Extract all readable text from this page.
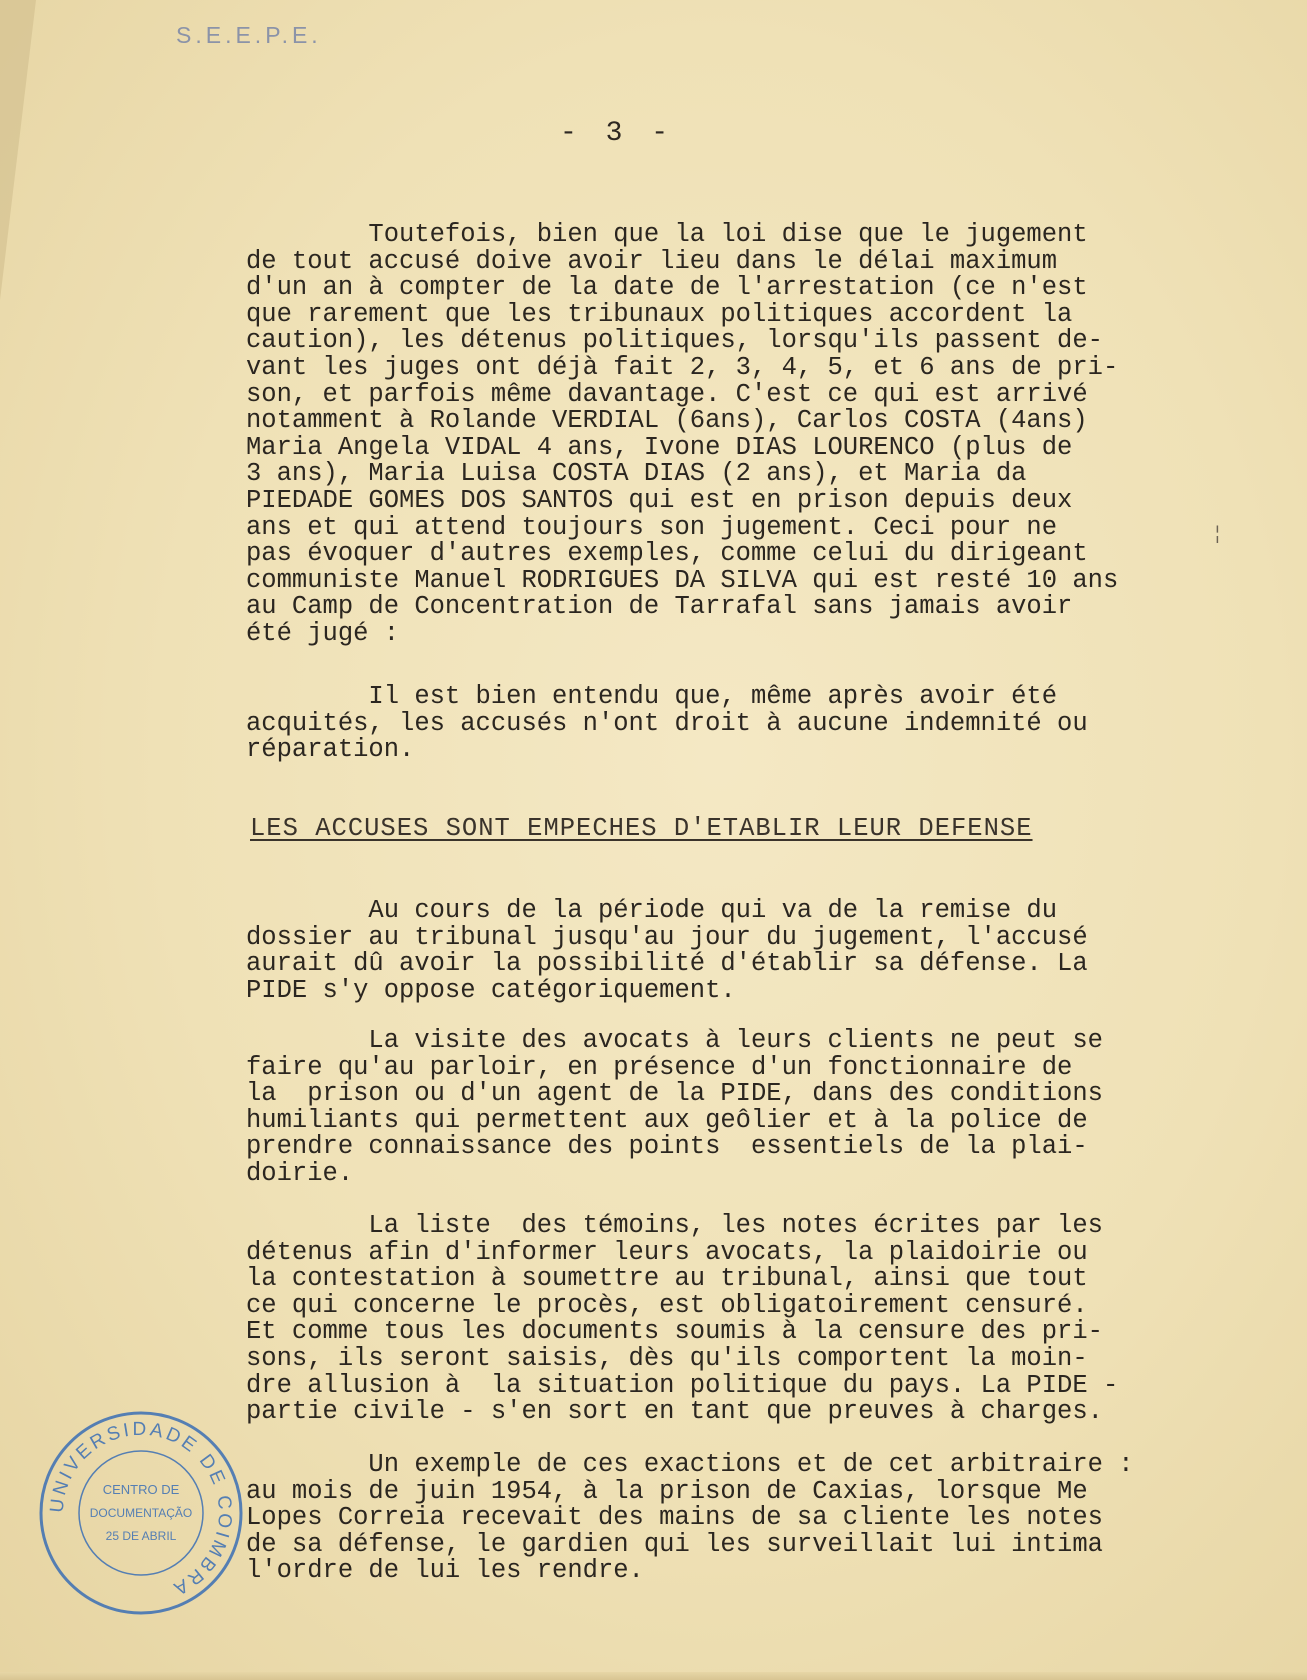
S.E.E.P.E.
- 3 -

Toutefois, bien que la loi dise que le jugement
de tout accusé doive avoir lieu dans le délai maximum
d'un an à compter de la date de l'arrestation (ce n'est
que rarement que les tribunaux politiques accordent la
caution), les détenus politiques, lorsqu'ils passent de-
vant les juges ont déjà fait 2, 3, 4, 5, et 6 ans de pri-
son, et parfois même davantage. C'est ce qui est arrivé
notamment à Rolande VERDIAL (6ans), Carlos COSTA (4ans)
Maria Angela VIDAL 4 ans, Ivone DIAS LOURENCO (plus de
3 ans), Maria Luisa COSTA DIAS (2 ans), et Maria da
PIEDADE GOMES DOS SANTOS qui est en prison depuis deux
ans et qui attend toujours son jugement. Ceci pour ne
pas évoquer d'autres exemples, comme celui du dirigeant
communiste Manuel RODRIGUES DA SILVA qui est resté 10 ans
au Camp de Concentration de Tarrafal sans jamais avoir
été jugé :

Il est bien entendu que, même après avoir été
acquités, les accusés n'ont droit à aucune indemnité ou
réparation.

LES ACCUSES SONT EMPECHES D'ETABLIR LEUR DEFENSE

Au cours de la période qui va de la remise du
dossier au tribunal jusqu'au jour du jugement, l'accusé
aurait dû avoir la possibilité d'établir sa défense. La
PIDE s'y oppose catégoriquement.

La visite des avocats à leurs clients ne peut se
faire qu'au parloir, en présence d'un fonctionnaire de
la  prison ou d'un agent de la PIDE, dans des conditions
humiliants qui permettent aux geôlier et à la police de
prendre connaissance des points  essentiels de la plai-
doirie.

La liste  des témoins, les notes écrites par les
détenus afin d'informer leurs avocats, la plaidoirie ou
la contestation à soumettre au tribunal, ainsi que tout
ce qui concerne le procès, est obligatoirement censuré.
Et comme tous les documents soumis à la censure des pri-
sons, ils seront saisis, dès qu'ils comportent la moin-
dre allusion à  la situation politique du pays. La PIDE -
partie civile - s'en sort en tant que preuves à charges.

Un exemple de ces exactions et de cet arbitraire :
au mois de juin 1954, à la prison de Caxias, lorsque Me
Lopes Correia recevait des mains de sa cliente les notes
de sa défense, le gardien qui les surveillait lui intima
l'ordre de lui les rendre.

¦
UNIVERSIDADE DE COIMBRA
CENTRO DE
DOCUMENTAÇÃO
25 DE ABRIL
